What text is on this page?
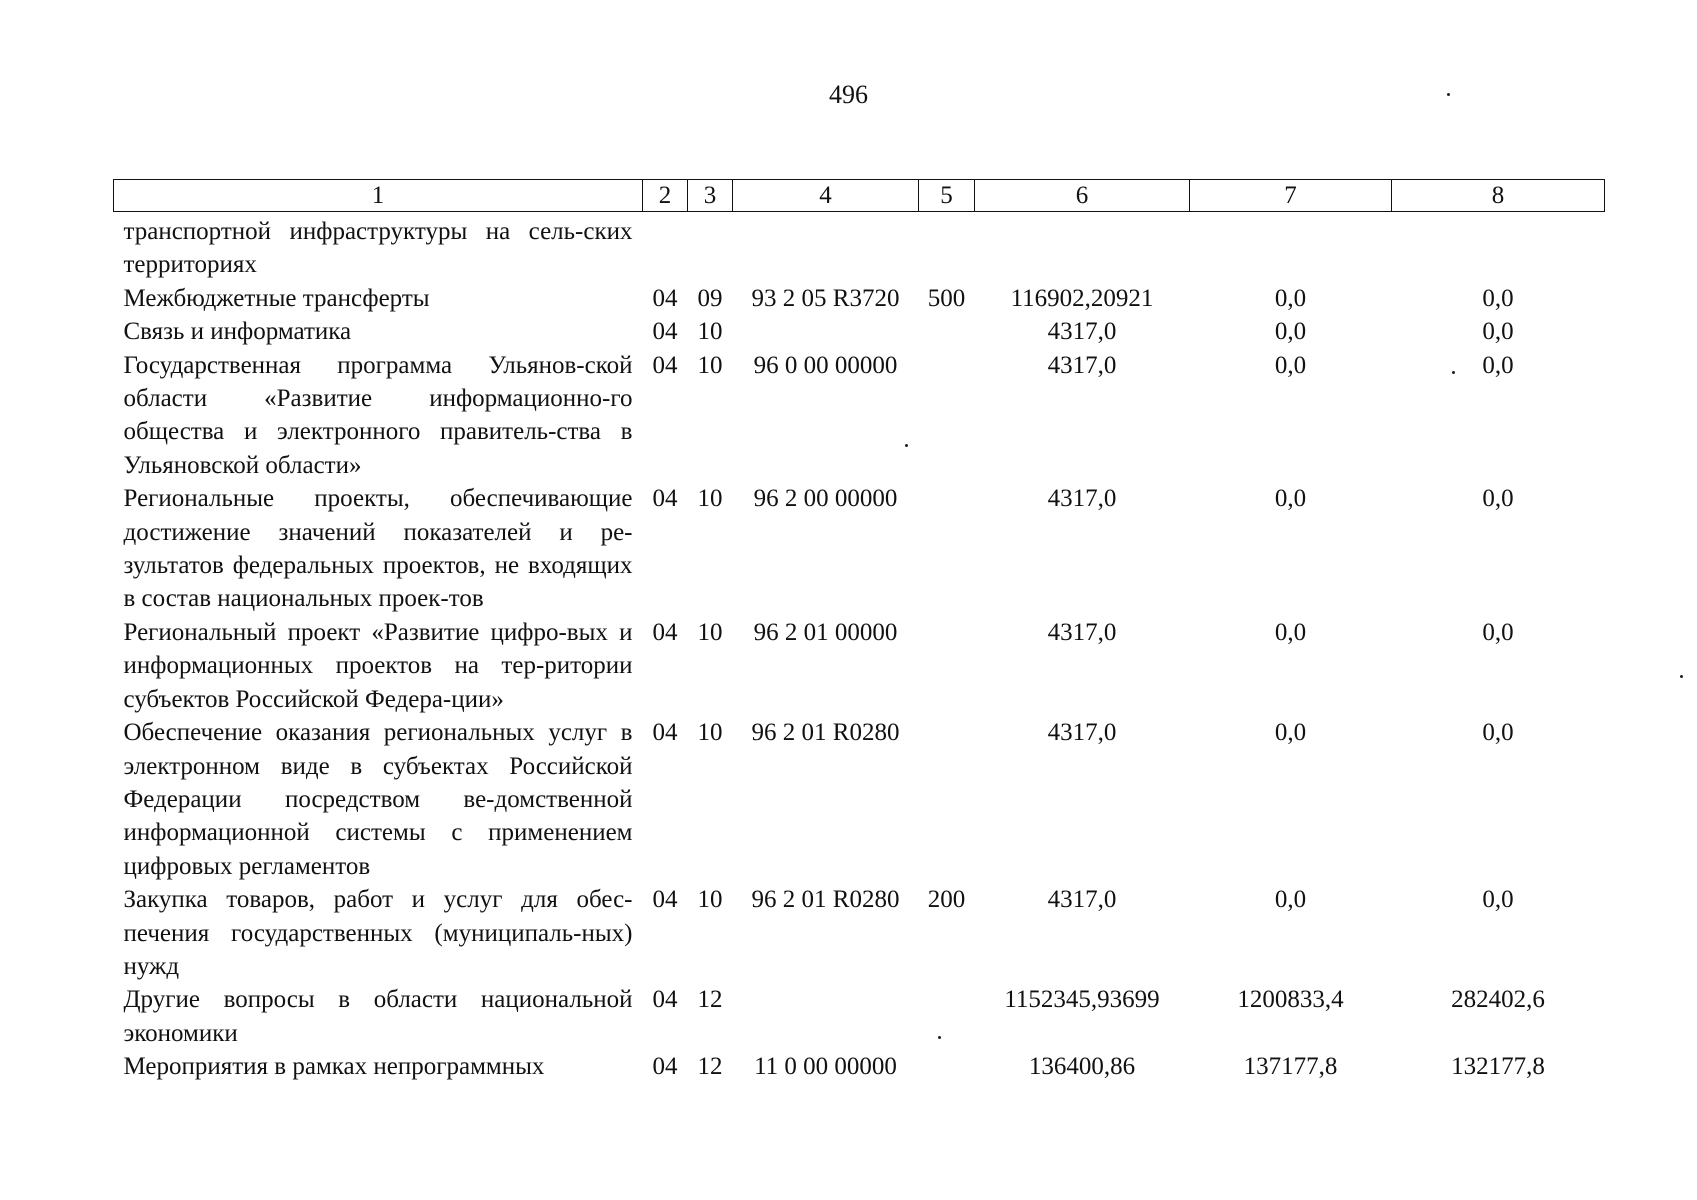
496
1	2	3	4	5	6	7	8
транспортной инфраструктуры на сель-ских территориях							
Межбюджетные трансферты	04	09	93 2 05 R3720	500	116902,20921	0,0	0,0
Связь и информатика	04	10			4317,0	0,0	0,0
Государственная программа Ульянов-ской области «Развитие информационно-го общества и электронного правитель-ства в Ульяновской области»	04	10	96 0 00 00000		4317,0	0,0	0,0
Региональные проекты, обеспечивающие достижение значений показателей и ре-зультатов федеральных проектов, не входящих в состав национальных проек-тов	04	10	96 2 00 00000		4317,0	0,0	0,0
Региональный проект «Развитие цифро-вых и информационных проектов на тер-ритории субъектов Российской Федера-ции»	04	10	96 2 01 00000		4317,0	0,0	0,0
Обеспечение оказания региональных услуг в электронном виде в субъектах Российской Федерации посредством ве-домственной информационной системы с применением цифровых регламентов	04	10	96 2 01 R0280		4317,0	0,0	0,0
Закупка товаров, работ и услуг для обес-печения государственных (муниципаль-ных) нужд	04	10	96 2 01 R0280	200	4317,0	0,0	0,0
Другие вопросы в области национальной экономики	04	12			1152345,93699	1200833,4	282402,6
Мероприятия в рамках непрограммных	04	12	11 0 00 00000		136400,86	137177,8	132177,8
